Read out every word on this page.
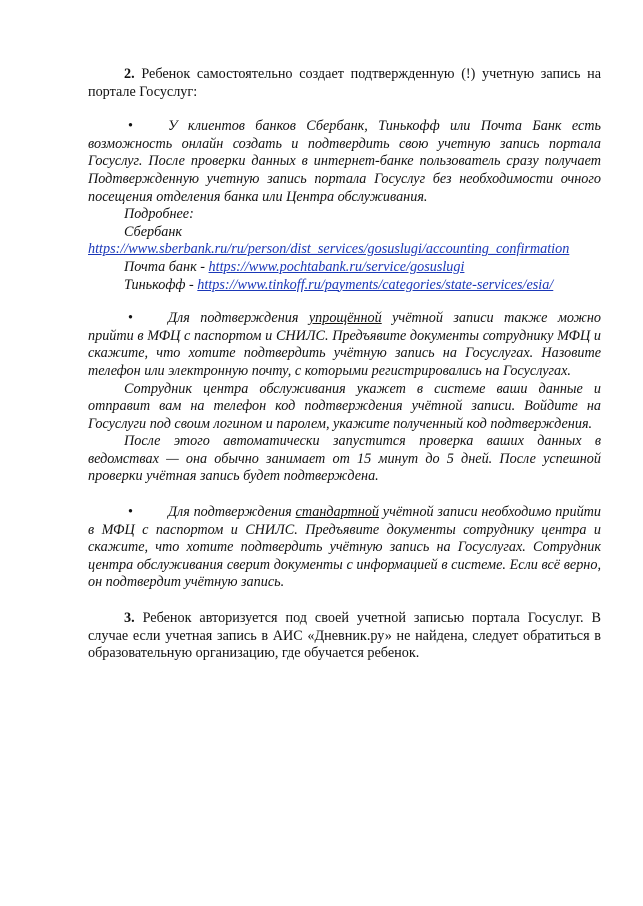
2. Ребенок самостоятельно создает подтвержденную (!) учетную запись на портале Госуслуг:

• У клиентов банков Сбербанк, Тинькофф или Почта Банк есть возможность онлайн создать и подтвердить свою учетную запись портала Госуслуг. После проверки данных в интернет-банке пользователь сразу получает Подтвержденную учетную запись портала Госуслуг без необходимости очного посещения отделения банка или Центра обслуживания.

Подробнее:

Сбербанк

https://www.sberbank.ru/ru/person/dist_services/gosuslugi/accounting_confirmation

Почта банк - https://www.pochtabank.ru/service/gosuslugi

Тинькофф - https://www.tinkoff.ru/payments/categories/state-services/esia/

• Для подтверждения упрощённой учётной записи также можно прийти в МФЦ с паспортом и СНИЛС. Предъявите документы сотруднику МФЦ и скажите, что хотите подтвердить учётную запись на Госуслугах. Назовите телефон или электронную почту, с которыми регистрировались на Госуслугах.

Сотрудник центра обслуживания укажет в системе ваши данные и отправит вам на телефон код подтверждения учётной записи. Войдите на Госуслуги под своим логином и паролем, укажите полученный код подтверждения.

После этого автоматически запустится проверка ваших данных в ведомствах — она обычно занимает от 15 минут до 5 дней. После успешной проверки учётная запись будет подтверждена.

• Для подтверждения стандартной учётной записи необходимо прийти в МФЦ с паспортом и СНИЛС. Предъявите документы сотруднику центра и скажите, что хотите подтвердить учётную запись на Госуслугах. Сотрудник центра обслуживания сверит документы с информацией в системе. Если всё верно, он подтвердит учётную запись.

3. Ребенок авторизуется под своей учетной записью портала Госуслуг. В случае если учетная запись в АИС «Дневник.ру» не найдена, следует обратиться в образовательную организацию, где обучается ребенок.
